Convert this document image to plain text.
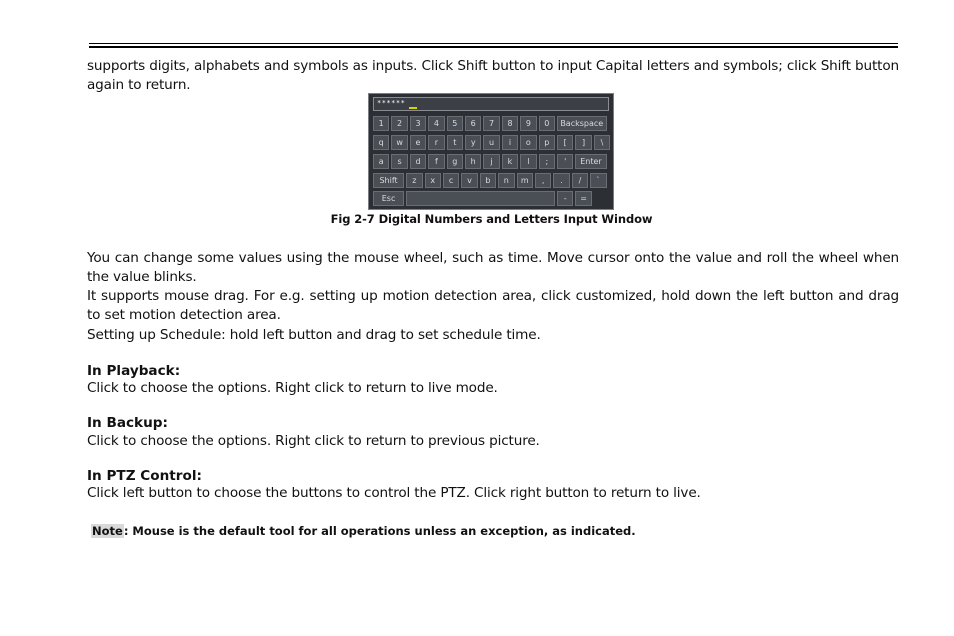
supports digits, alphabets and symbols as inputs. Click Shift button to input Capital letters and symbols; click Shift button again to return.
******
1	2	3	4	5	6	7	8	9	0	Backspace
q	w	e	r	t	y	u	i	o	p	[	]	\
a	s	d	f	g	h	j	k	l	;	'	Enter
Shift	z	x	c	v	b	n	m	,	.	/	`
Esc	-	=
Fig 2-7 Digital Numbers and Letters Input Window
You can change some values using the mouse wheel, such as time. Move cursor onto the value and roll the wheel when the value blinks.
It supports mouse drag. For e.g. setting up motion detection area, click customized, hold down the left button and drag to set motion detection area.
Setting up Schedule: hold left button and drag to set schedule time.
In Playback:
Click to choose the options. Right click to return to live mode.
In Backup:
Click to choose the options. Right click to return to previous picture.
In PTZ Control:
Click left button to choose the buttons to control the PTZ. Click right button to return to live.
Note: Mouse is the default tool for all operations unless an exception, as indicated.
